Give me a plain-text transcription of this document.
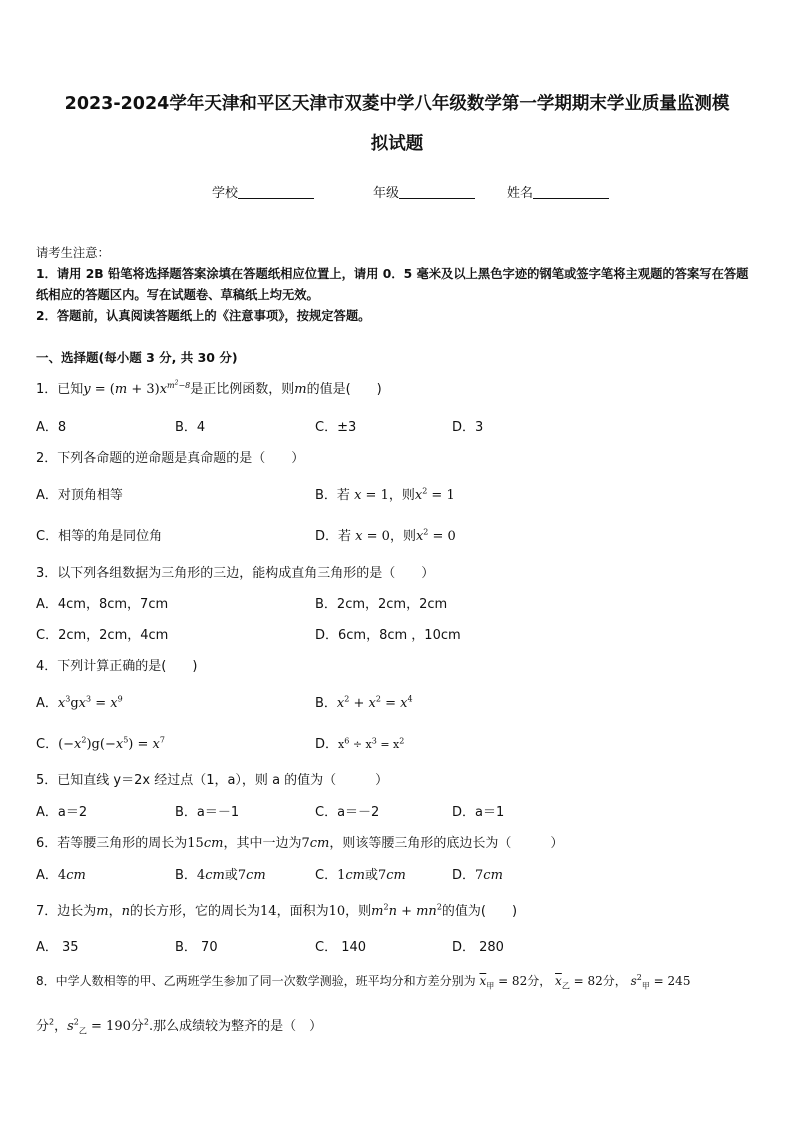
2023-2024学年天津和平区天津市双菱中学八年级数学第一学期期末学业质量监测模
拟试题
学校	年级	姓名
请考生注意：
1．请用 2B 铅笔将选择题答案涂填在答题纸相应位置上，请用 0．5 毫米及以上黑色字迹的钢笔或签字笔将主观题的答案写在答题纸相应的答题区内。写在试题卷、草稿纸上均无效。
2．答题前，认真阅读答题纸上的《注意事项》，按规定答题。
一、选择题(每小题 3 分, 共 30 分)
1．已知$y = (m + 3)x^{m^2-8}$是正比例函数，则m的值是(　　)
A．8	B．4	C．±3	D．3
2．下列各命题的逆命题是真命题的是（　　）
A．对顶角相等	B．若 x = 1，则$x^2 = 1$
C．相等的角是同位角	D．若 x = 0，则$x^2 = 0$
3．以下列各组数据为三角形的三边，能构成直角三角形的是（　　）
A．4cm，8cm，7cm	B．2cm，2cm，2cm
C．2cm，2cm，4cm	D．6cm，8cm ，10cm
4．下列计算正确的是(　　)
A．$x^3gx^3 = x^9$	B．$x^2 + x^2 = x^4$
C．$(-x^2)g(-x^5) = x^7$	D．$x^6 \div x^3 = x^2$
5．已知直线 y＝2x 经过点（1，a），则 a 的值为（　　　）
A．a＝2	B．a＝－1	C．a＝－2	D．a＝1
6．若等腰三角形的周长为15cm，其中一边为7cm，则该等腰三角形的底边长为（　　　）
A．4cm	B．4cm或7cm	C．1cm或7cm	D．7cm
7．边长为m，n的长方形，它的周长为14，面积为10，则$m^2n + mn^2$的值为(　　)
A． 35	B． 70	C． 140	D． 280
8．中学人数相等的甲、乙两班学生参加了同一次数学测验，班平均分和方差分别为 $\overline{x}_甲 = 82$分， $\overline{x}_乙 = 82$分， $s^2_甲 = 245$
分$^2$，$s^2_乙 = 190$分$^2$.那么成绩较为整齐的是（　）
